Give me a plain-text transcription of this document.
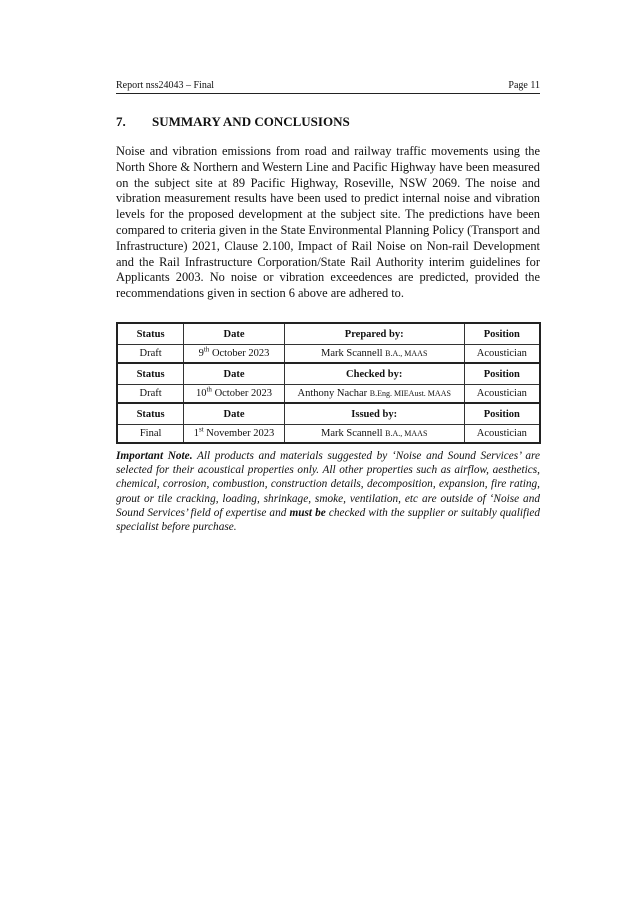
Report nss24043 – Final	Page 11
7. SUMMARY AND CONCLUSIONS

Noise and vibration emissions from road and railway traffic movements using the North Shore & Northern and Western Line and Pacific Highway have been measured on the subject site at 89 Pacific Highway, Roseville, NSW 2069. The noise and vibration measurement results have been used to predict internal noise and vibration levels for the proposed development at the subject site. The predictions have been compared to criteria given in the State Environmental Planning Policy (Transport and Infrastructure) 2021, Clause 2.100, Impact of Rail Noise on Non-rail Development and the Rail Infrastructure Corporation/State Rail Authority interim guidelines for Applicants 2003. No noise or vibration exceedences are predicted, provided the recommendations given in section 6 above are adhered to.

Status	Date	Prepared by:	Position
Draft	9th October 2023	Mark Scannell B.A., MAAS	Acoustician
Status	Date	Checked by:	Position
Draft	10th October 2023	Anthony Nachar B.Eng. MIEAust. MAAS	Acoustician
Status	Date	Issued by:	Position
Final	1st November 2023	Mark Scannell B.A., MAAS	Acoustician

Important Note. All products and materials suggested by ‘Noise and Sound Services’ are selected for their acoustical properties only. All other properties such as airflow, aesthetics, chemical, corrosion, combustion, construction details, decomposition, expansion, fire rating, grout or tile cracking, loading, shrinkage, smoke, ventilation, etc are outside of ‘Noise and Sound Services’ field of expertise and must be checked with the supplier or suitably qualified specialist before purchase.
